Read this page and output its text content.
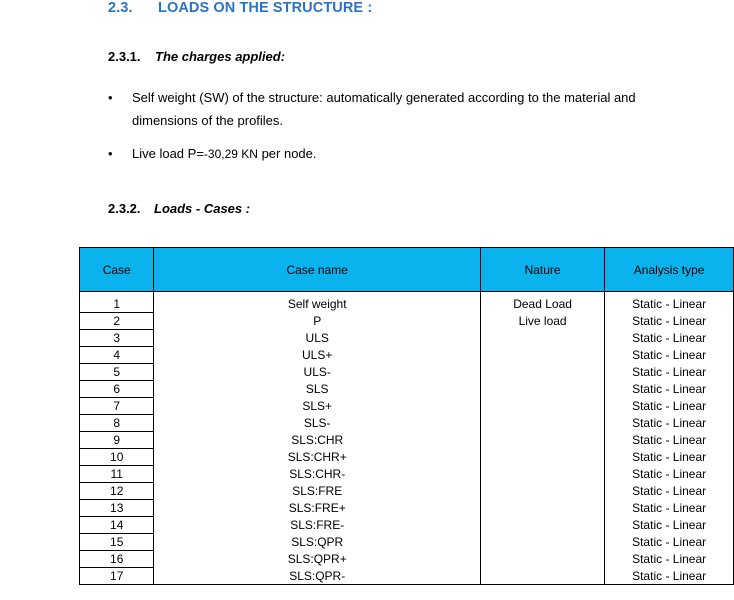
2.3. LOADS ON THE STRUCTURE :
2.3.1. The charges applied:
• Self weight (SW) of the structure: automatically generated according to the material and dimensions of the profiles.
• Live load P=-30,29 KN per node.
2.3.2. Loads - Cases :
Case	Case name	Nature	Analysis type

1	Self weight	Dead Load	Static - Linear
2	P	Live load	Static - Linear
3	ULS		Static - Linear
4	ULS+		Static - Linear
5	ULS-		Static - Linear
6	SLS		Static - Linear
7	SLS+		Static - Linear
8	SLS-		Static - Linear
9	SLS:CHR		Static - Linear
10	SLS:CHR+		Static - Linear
11	SLS:CHR-		Static - Linear
12	SLS:FRE		Static - Linear
13	SLS:FRE+		Static - Linear
14	SLS:FRE-		Static - Linear
15	SLS:QPR		Static - Linear
16	SLS:QPR+		Static - Linear
17	SLS:QPR-		Static - Linear
